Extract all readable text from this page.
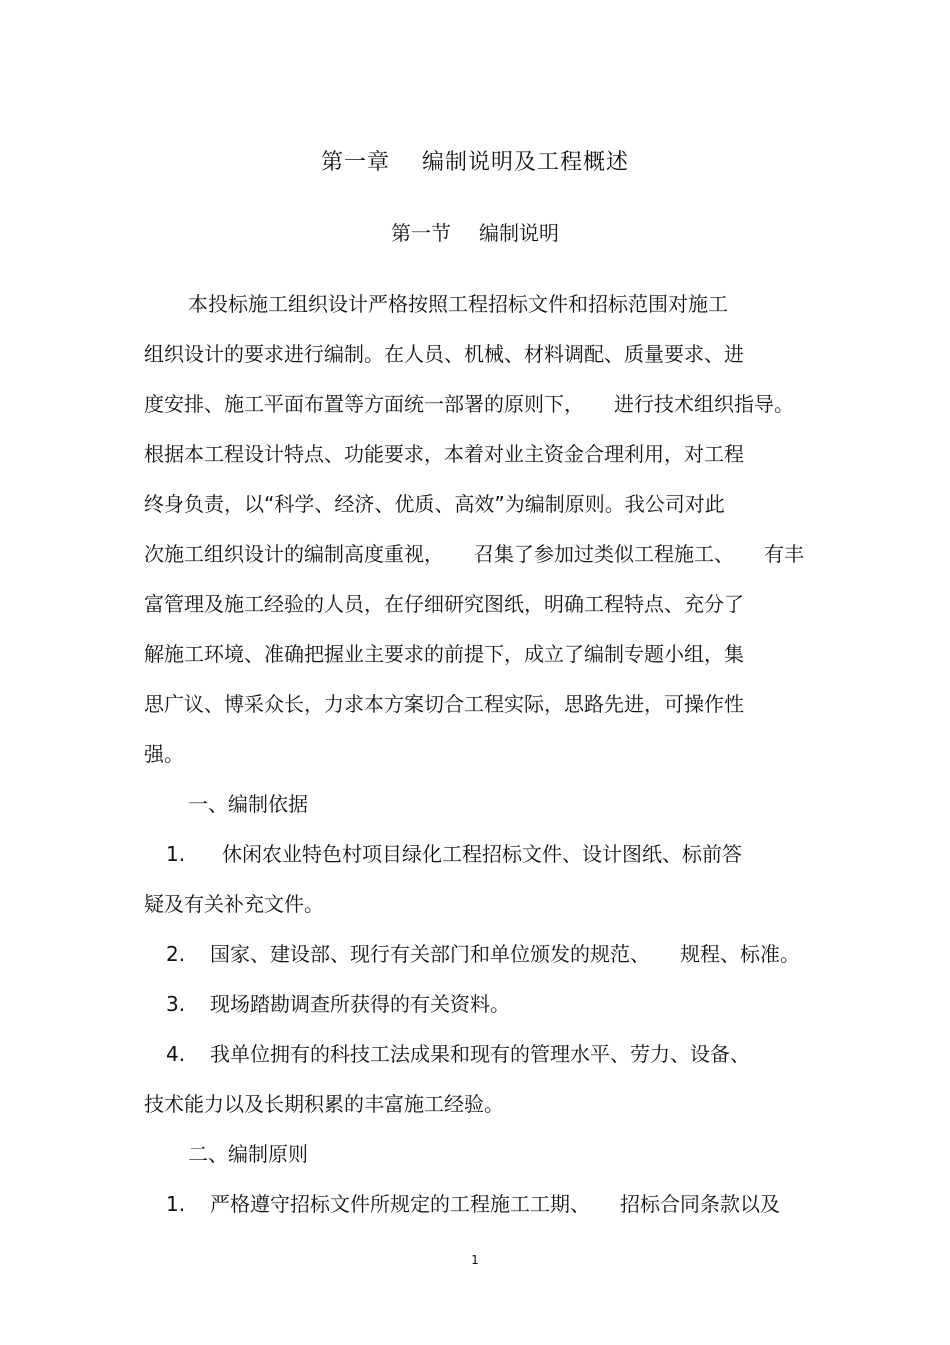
第一章 编制说明及工程概述
第一节 编制说明
本投标施工组织设计严格按照工程招标文件和招标范围对施工
组织设计的要求进行编制。在人员、机械、材料调配、质量要求、进
度安排、施工平面布置等方面统一部署的原则下， 进行技术组织指导。
根据本工程设计特点、功能要求，本着对业主资金合理利用，对工程
终身负责，以“科学、经济、优质、高效”为编制原则。我公司对此
次施工组织设计的编制高度重视， 召集了参加过类似工程施工、 有丰
富管理及施工经验的人员，在仔细研究图纸，明确工程特点、充分了
解施工环境、准确把握业主要求的前提下，成立了编制专题小组，集
思广议、博采众长，力求本方案切合工程实际，思路先进，可操作性
强。
一、编制依据
1. 休闲农业特色村项目绿化工程招标文件、设计图纸、标前答
疑及有关补充文件。
2. 国家、建设部、现行有关部门和单位颁发的规范、 规程、标准。
3. 现场踏勘调查所获得的有关资料。
4. 我单位拥有的科技工法成果和现有的管理水平、劳力、设备、
技术能力以及长期积累的丰富施工经验。
二、编制原则
1. 严格遵守招标文件所规定的工程施工工期、 招标合同条款以及
1
